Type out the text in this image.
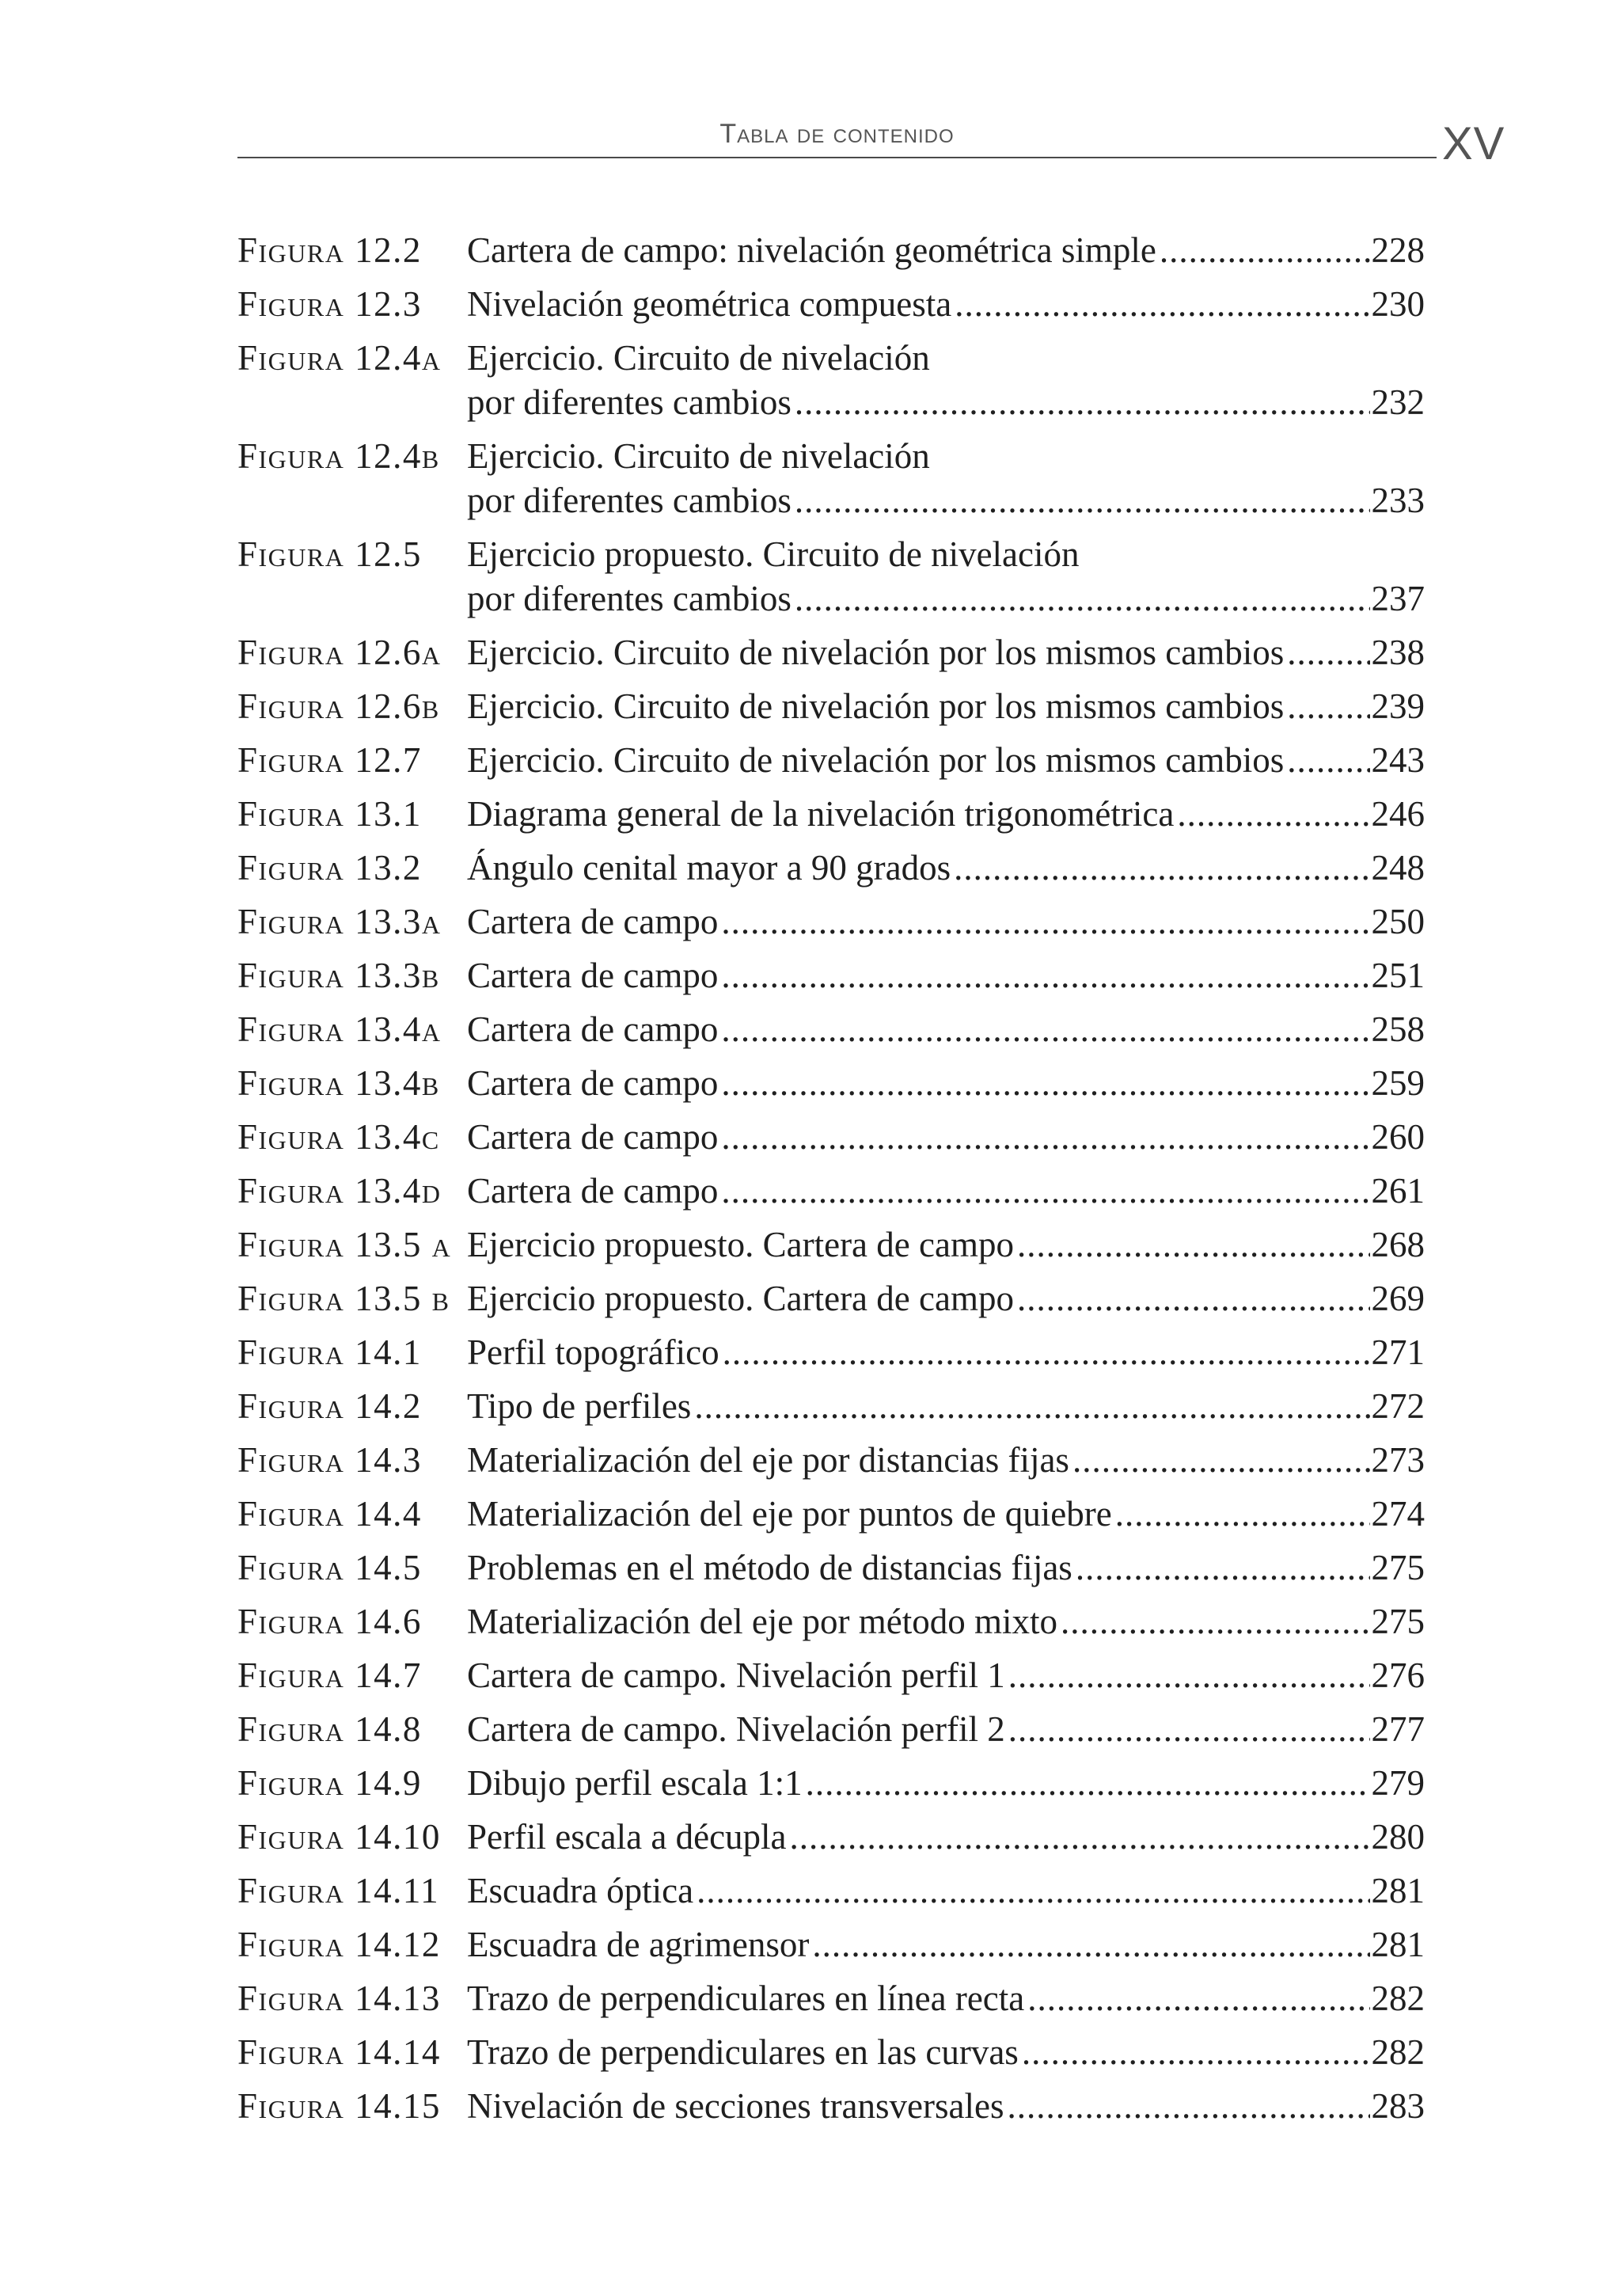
Tabla de contenido	XV
Figura 12.2	Cartera de campo: nivelación geométrica simple .....	228
Figura 12.3	Nivelación geométrica compuesta .....	230
Figura 12.4a Ejercicio. Circuito de nivelación
por diferentes cambios .....	232
Figura 12.4b Ejercicio. Circuito de nivelación
por diferentes cambios .....	233
Figura 12.5	Ejercicio propuesto. Circuito de nivelación
por diferentes cambios .....	237
Figura 12.6a Ejercicio. Circuito de nivelación por los mismos cambios ..... 238
Figura 12.6b Ejercicio. Circuito de nivelación por los mismos cambios ..... 239
Figura 12.7	Ejercicio. Circuito de nivelación por los mismos cambios ..... 243
Figura 13.1	Diagrama general de la nivelación trigonométrica .....	246
Figura 13.2	Ángulo cenital mayor a 90 grados .....	248
Figura 13.3a Cartera de campo .....	250
Figura 13.3b Cartera de campo .....	251
Figura 13.4a Cartera de campo .....	258
Figura 13.4b Cartera de campo .....	259
Figura 13.4c Cartera de campo .....	260
Figura 13.4d Cartera de campo .....	261
Figura 13.5 a Ejercicio propuesto. Cartera de campo .....	268
Figura 13.5 b Ejercicio propuesto. Cartera de campo .....	269
Figura 14.1	Perfil topográfico .....	271
Figura 14.2	Tipo de perfiles .....	272
Figura 14.3	Materialización del eje por distancias fijas .....	273
Figura 14.4	Materialización del eje por puntos de quiebre .....	274
Figura 14.5	Problemas en el método de distancias fijas .....	275
Figura 14.6	Materialización del eje por método mixto .....	275
Figura 14.7	Cartera de campo. Nivelación perfil 1 .....	276
Figura 14.8	Cartera de campo. Nivelación perfil 2 .....	277
Figura 14.9	Dibujo perfil escala 1:1 .....	279
Figura 14.10 Perfil escala a décupla .....	280
Figura 14.11 Escuadra óptica .....	281
Figura 14.12 Escuadra de agrimensor .....	281
Figura 14.13 Trazo de perpendiculares en línea recta .....	282
Figura 14.14 Trazo de perpendiculares en las curvas .....	282
Figura 14.15 Nivelación de secciones transversales .....	283
